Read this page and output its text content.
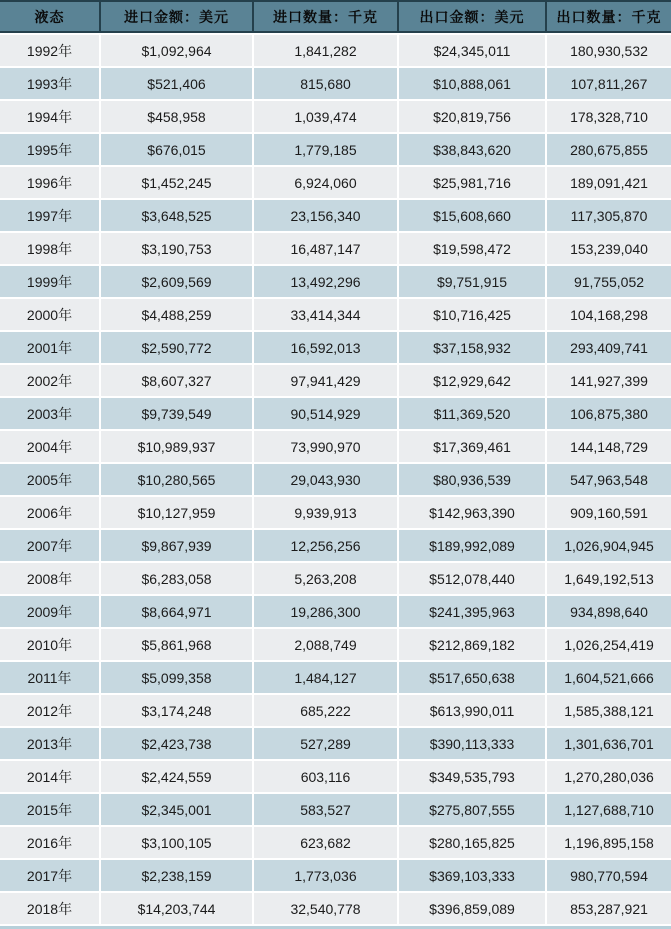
液态	进口金额：美元	进口数量：千克	出口金额：美元	出口数量：千克
1992年	$1,092,964	1,841,282	$24,345,011	180,930,532
1993年	$521,406	815,680	$10,888,061	107,811,267
1994年	$458,958	1,039,474	$20,819,756	178,328,710
1995年	$676,015	1,779,185	$38,843,620	280,675,855
1996年	$1,452,245	6,924,060	$25,981,716	189,091,421
1997年	$3,648,525	23,156,340	$15,608,660	117,305,870
1998年	$3,190,753	16,487,147	$19,598,472	153,239,040
1999年	$2,609,569	13,492,296	$9,751,915	91,755,052
2000年	$4,488,259	33,414,344	$10,716,425	104,168,298
2001年	$2,590,772	16,592,013	$37,158,932	293,409,741
2002年	$8,607,327	97,941,429	$12,929,642	141,927,399
2003年	$9,739,549	90,514,929	$11,369,520	106,875,380
2004年	$10,989,937	73,990,970	$17,369,461	144,148,729
2005年	$10,280,565	29,043,930	$80,936,539	547,963,548
2006年	$10,127,959	9,939,913	$142,963,390	909,160,591
2007年	$9,867,939	12,256,256	$189,992,089	1,026,904,945
2008年	$6,283,058	5,263,208	$512,078,440	1,649,192,513
2009年	$8,664,971	19,286,300	$241,395,963	934,898,640
2010年	$5,861,968	2,088,749	$212,869,182	1,026,254,419
2011年	$5,099,358	1,484,127	$517,650,638	1,604,521,666
2012年	$3,174,248	685,222	$613,990,011	1,585,388,121
2013年	$2,423,738	527,289	$390,113,333	1,301,636,701
2014年	$2,424,559	603,116	$349,535,793	1,270,280,036
2015年	$2,345,001	583,527	$275,807,555	1,127,688,710
2016年	$3,100,105	623,682	$280,165,825	1,196,895,158
2017年	$2,238,159	1,773,036	$369,103,333	980,770,594
2018年	$14,203,744	32,540,778	$396,859,089	853,287,921
